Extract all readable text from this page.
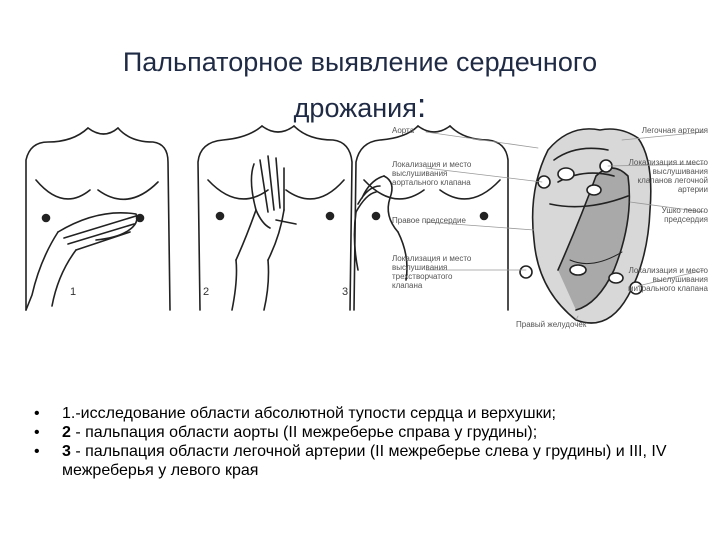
Пальпаторное выявление сердечного
дрожания:
1	2	3
Аорта
Локализация и место выслушивания аортального клапана
Правое предсердие
Локализация и место выслушивания трехстворчатого клапана
Легочная артерия
Локализация и место выслушивания клапанов легочной артерии
Ушко левого предсердия
Локализация и место выслушивания митрального клапана
Правый желудочек
• 1.-исследование области абсолютной тупости сердца и верхушки;
• 2 - пальпация области аорты (II межреберье справа у грудины);
• 3 - пальпация области легочной артерии (II межреберье слева у грудины) и III, IV межреберья у левого края
